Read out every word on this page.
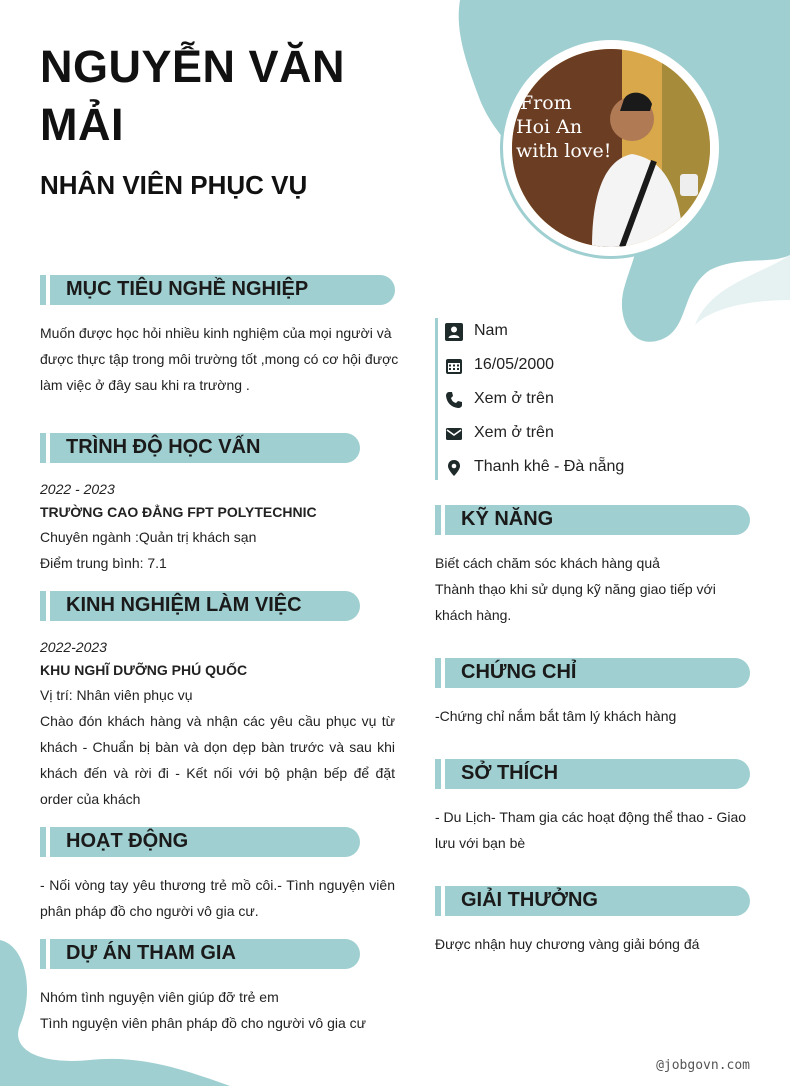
NGUYỄN VĂN MẢI
NHÂN VIÊN PHỤC VỤ
From
Hoi An
with love!
MỤC TIÊU NGHỀ NGHIỆP
Muốn được học hỏi nhiều kinh nghiệm của mọi người và được thực tập trong môi trường tốt ,mong có cơ hội được làm việc ở đây sau khi ra trường .
TRÌNH ĐỘ HỌC VẤN
2022 - 2023
TRƯỜNG CAO ĐẲNG FPT POLYTECHNIC
Chuyên ngành :Quản trị khách sạn
Điểm trung bình: 7.1
KINH NGHIỆM LÀM VIỆC
2022-2023
KHU NGHĨ DƯỠNG PHÚ QUỐC
Vị trí: Nhân viên phục vụ
Chào đón khách hàng và nhận các yêu cầu phục vụ từ khách - Chuẩn bị bàn và dọn dẹp bàn trước và sau khi khách đến và rời đi - Kết nối với bộ phận bếp để đặt order của khách
HOẠT ĐỘNG
- Nối vòng tay yêu thương trẻ mồ côi.- Tình nguyện viên phân pháp đồ cho người vô gia cư.
DỰ ÁN THAM GIA
Nhóm tình nguyện viên giúp đỡ trẻ em
Tình nguyện viên phân pháp đồ cho người vô gia cư
Nam
16/05/2000
Xem ở trên
Xem ở trên
Thanh khê - Đà nẵng
KỸ NĂNG
Biết cách chăm sóc khách hàng quả
Thành thạo khi sử dụng kỹ năng giao tiếp với khách hàng.
CHỨNG CHỈ
-Chứng chỉ nắm bắt tâm lý khách hàng
SỞ THÍCH
- Du Lịch- Tham gia các hoạt động thể thao - Giao lưu với bạn bè
GIẢI THƯỞNG
Được nhận huy chương vàng giải bóng đá
@jobgovn.com
